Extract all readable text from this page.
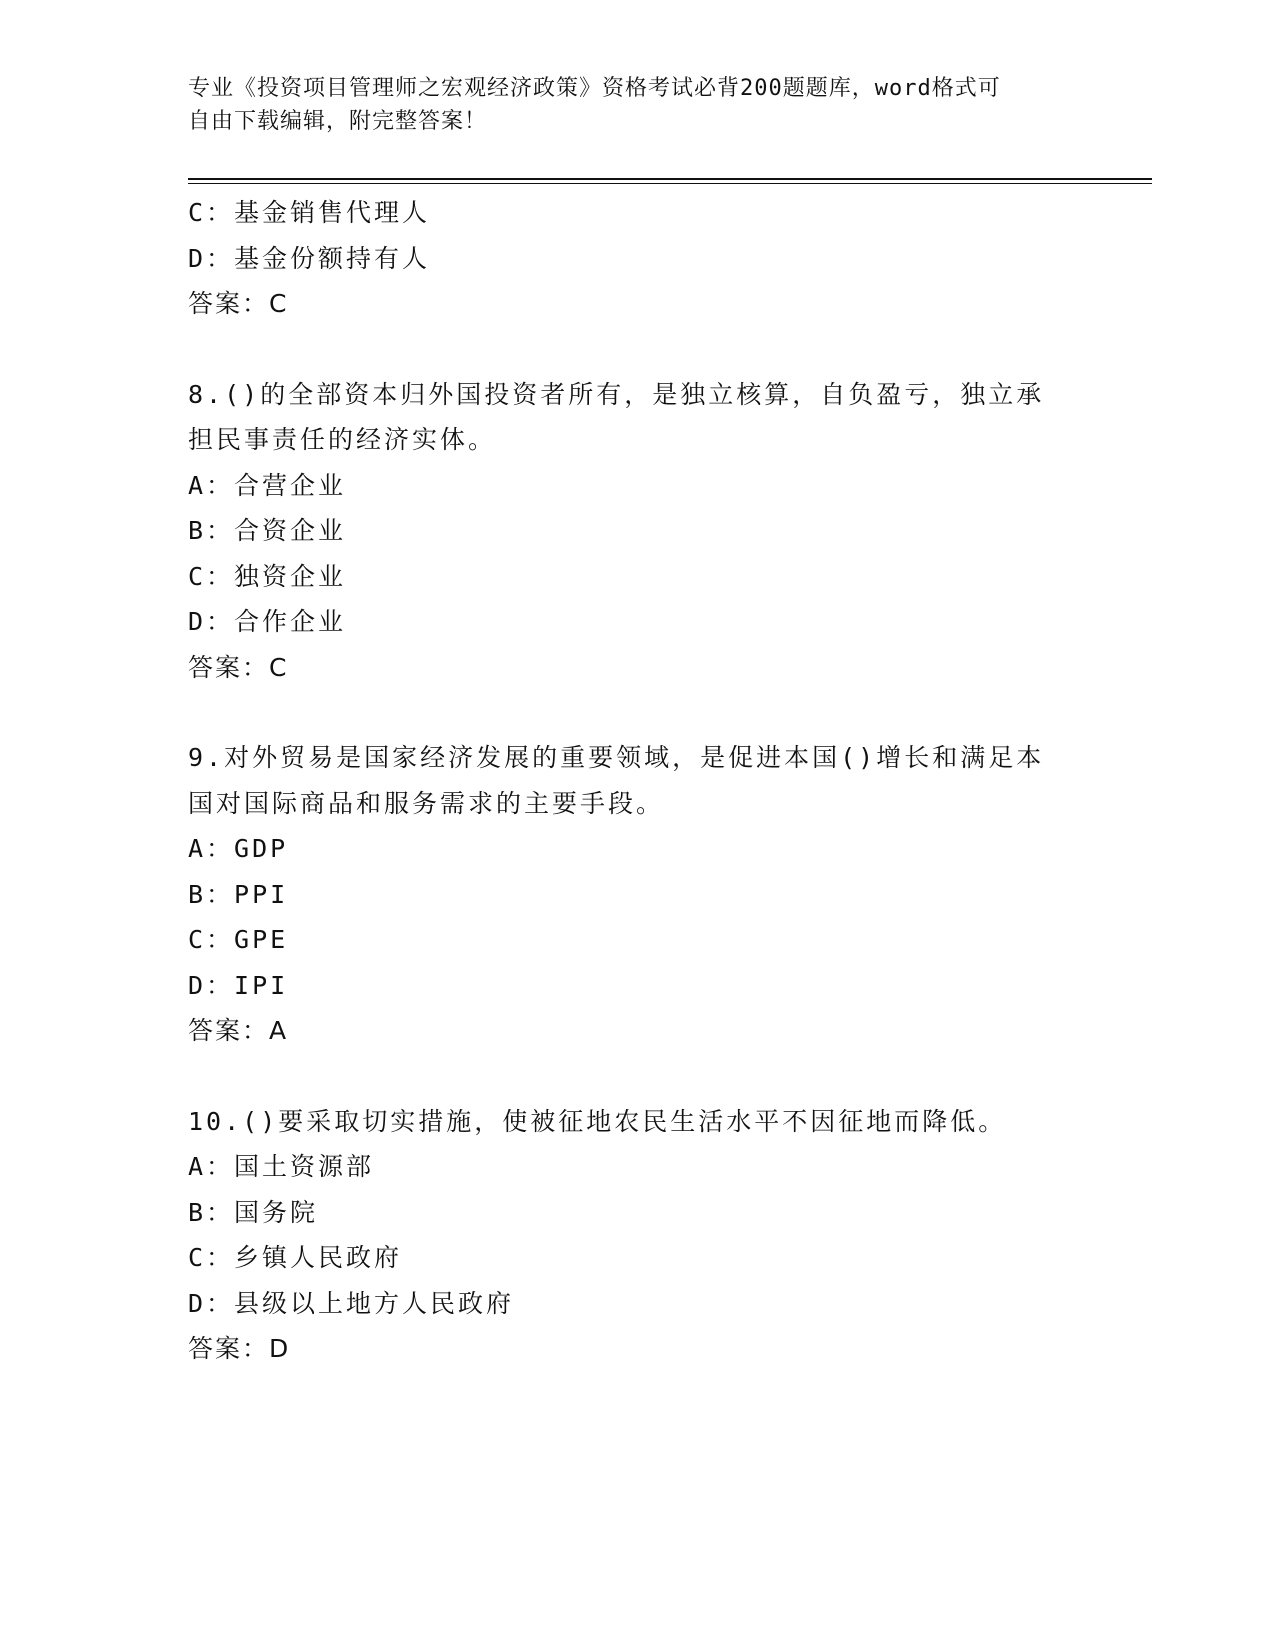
专业《投资项目管理师之宏观经济政策》资格考试必背200题题库，word格式可
自由下载编辑，附完整答案！
C：基金销售代理人
D：基金份额持有人
答案：C
8.()的全部资本归外国投资者所有，是独立核算，自负盈亏，独立承
担民事责任的经济实体。
A：合营企业
B：合资企业
C：独资企业
D：合作企业
答案：C
9.对外贸易是国家经济发展的重要领域，是促进本国()增长和满足本
国对国际商品和服务需求的主要手段。
A：GDP
B：PPI
C：GPE
D：IPI
答案：A
10.()要采取切实措施，使被征地农民生活水平不因征地而降低。
A：国土资源部
B：国务院
C：乡镇人民政府
D：县级以上地方人民政府
答案：D
